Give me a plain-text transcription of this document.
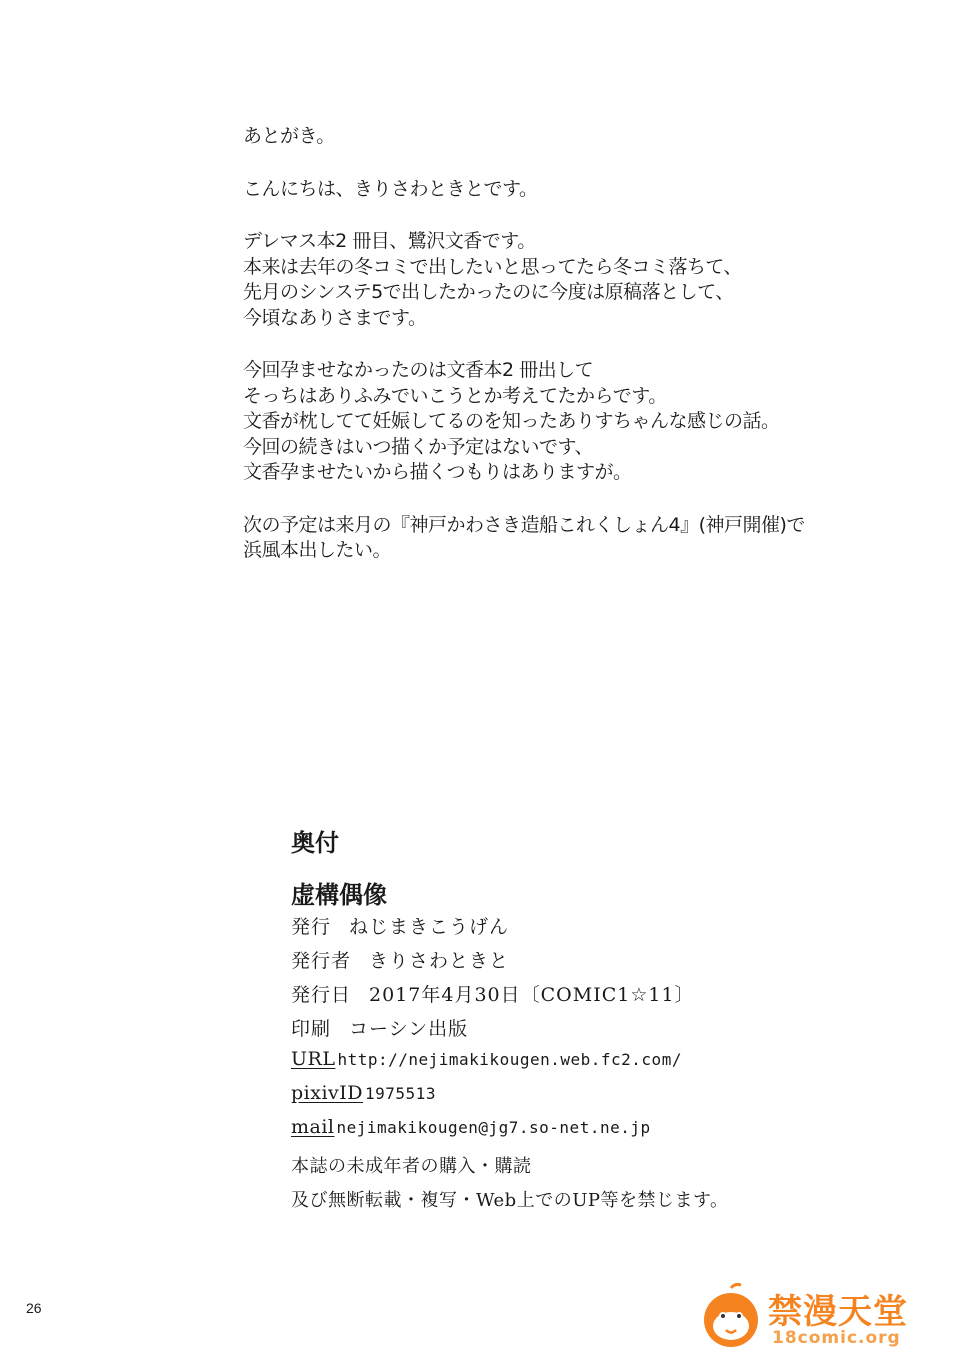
あとがき。

こんにちは、きりさわときとです。

デレマス本2 冊目、鷺沢文香です。

本来は去年の冬コミで出したいと思ってたら冬コミ落ちて、

先月のシンステ5で出したかったのに今度は原稿落として、

今頃なありさまです。

今回孕ませなかったのは文香本2 冊出して

そっちはありふみでいこうとか考えてたからです。

文香が枕してて妊娠してるのを知ったありすちゃんな感じの話。

今回の続きはいつ描くか予定はないです、

文香孕ませたいから描くつもりはありますが。

次の予定は来月の『神戸かわさき造船これくしょん4』(神戸開催)で

浜風本出したい。

奥付

虚構偶像

発行 ねじまきこうげん
発行者 きりさわときと
発行日 2017年4月30日〔COMIC1☆11〕
印刷 コーシン出版
URL http://nejimakikougen.web.fc2.com/
pixivID 1975513
mail nejimakikougen@jg7.so-net.ne.jp

本誌の未成年者の購入・購読

及び無断転載・複写・Web上でのUP等を禁じます。

26	禁漫天堂
18comic.org
